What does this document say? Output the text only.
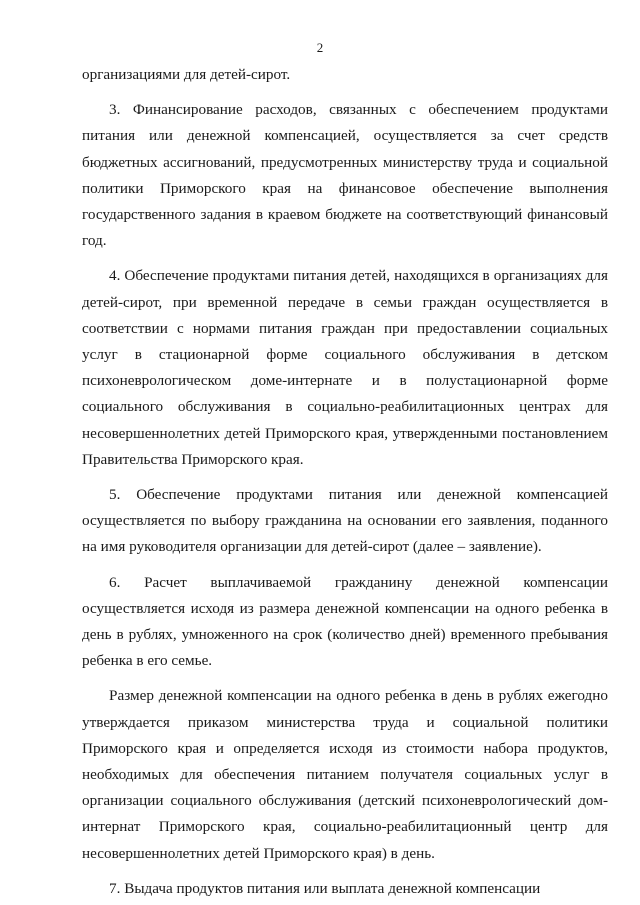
2

организациями для детей-сирот.

3. Финансирование расходов, связанных с обеспечением продуктами питания или денежной компенсацией, осуществляется за счет средств бюджетных ассигнований, предусмотренных министерству труда и социальной политики Приморского края на финансовое обеспечение выполнения государственного задания в краевом бюджете на соответствующий финансовый год.

4. Обеспечение продуктами питания детей, находящихся в организациях для детей-сирот, при временной передаче в семьи граждан осуществляется в соответствии с нормами питания граждан при предоставлении социальных услуг в стационарной форме социального обслуживания в детском психоневрологическом доме-интернате и в полустационарной форме социального обслуживания в социально-реабилитационных центрах для несовершеннолетних детей Приморского края, утвержденными постановлением Правительства Приморского края.

5. Обеспечение продуктами питания или денежной компенсацией осуществляется по выбору гражданина на основании его заявления, поданного на имя руководителя организации для детей-сирот (далее – заявление).

6. Расчет выплачиваемой гражданину денежной компенсации осуществляется исходя из размера денежной компенсации на одного ребенка в день в рублях, умноженного на срок (количество дней) временного пребывания ребенка в его семье.

Размер денежной компенсации на одного ребенка в день в рублях ежегодно утверждается приказом министерства труда и социальной политики Приморского края и определяется исходя из стоимости набора продуктов, необходимых для обеспечения питанием получателя социальных услуг в организации социального обслуживания (детский психоневрологический дом-интернат Приморского края, социально-реабилитационный центр для несовершеннолетних детей Приморского края) в день.

7. Выдача продуктов питания или выплата денежной компенсации
